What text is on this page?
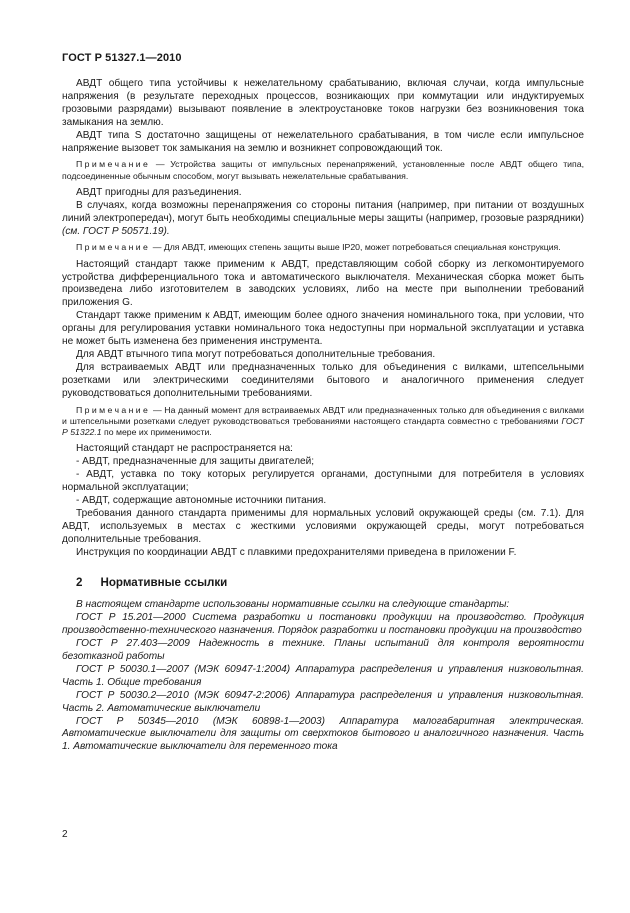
ГОСТ Р 51327.1—2010

АВДТ общего типа устойчивы к нежелательному срабатыванию, включая случаи, когда импульсные напряжения (в результате переходных процессов, возникающих при коммутации или индуктируемых грозовыми разрядами) вызывают появление в электроустановке токов нагрузки без возникновения тока замыкания на землю.

АВДТ типа S достаточно защищены от нежелательного срабатывания, в том числе если импульсное напряжение вызовет ток замыкания на землю и возникнет сопровождающий ток.

Примечание — Устройства защиты от импульсных перенапряжений, установленные после АВДТ общего типа, подсоединенные обычным способом, могут вызывать нежелательные срабатывания.

АВДТ пригодны для разъединения.

В случаях, когда возможны перенапряжения со стороны питания (например, при питании от воздушных линий электропередач), могут быть необходимы специальные меры защиты (например, грозовые разрядники) (см. ГОСТ Р 50571.19).

Примечание — Для АВДТ, имеющих степень защиты выше IP20, может потребоваться специальная конструкция.

Настоящий стандарт также применим к АВДТ, представляющим собой сборку из легкомонтируемого устройства дифференциального тока и автоматического выключателя. Механическая сборка может быть произведена либо изготовителем в заводских условиях, либо на месте при выполнении требований приложения G.

Стандарт также применим к АВДТ, имеющим более одного значения номинального тока, при условии, что органы для регулирования уставки номинального тока недоступны при нормальной эксплуатации и уставка не может быть изменена без применения инструмента.

Для АВДТ втычного типа могут потребоваться дополнительные требования.

Для встраиваемых АВДТ или предназначенных только для объединения с вилками, штепсельными розетками или электрическими соединителями бытового и аналогичного применения следует руководствоваться дополнительными требованиями.

Примечание — На данный момент для встраиваемых АВДТ или предназначенных только для объединения с вилками и штепсельными розетками следует руководствоваться требованиями настоящего стандарта совместно с требованиями ГОСТ Р 51322.1 по мере их применимости.

Настоящий стандарт не распространяется на:

- АВДТ, предназначенные для защиты двигателей;

- АВДТ, уставка по току которых регулируется органами, доступными для потребителя в условиях нормальной эксплуатации;

- АВДТ, содержащие автономные источники питания.

Требования данного стандарта применимы для нормальных условий окружающей среды (см. 7.1). Для АВДТ, используемых в местах с жесткими условиями окружающей среды, могут потребоваться дополнительные требования.

Инструкция по координации АВДТ с плавкими предохранителями приведена в приложении F.

2 Нормативные ссылки

В настоящем стандарте использованы нормативные ссылки на следующие стандарты:

ГОСТ Р 15.201—2000 Система разработки и постановки продукции на производство. Продукция производственно-технического назначения. Порядок разработки и постановки продукции на производство

ГОСТ Р 27.403—2009 Надежность в технике. Планы испытаний для контроля вероятности безотказной работы

ГОСТ Р 50030.1—2007 (МЭК 60947-1:2004) Аппаратура распределения и управления низковольтная. Часть 1. Общие требования

ГОСТ Р 50030.2—2010 (МЭК 60947-2:2006) Аппаратура распределения и управления низковольтная. Часть 2. Автоматические выключатели

ГОСТ Р 50345—2010 (МЭК 60898-1—2003) Аппаратура малогабаритная электрическая. Автоматические выключатели для защиты от сверхтоков бытового и аналогичного назначения. Часть 1. Автоматические выключатели для переменного тока

2
